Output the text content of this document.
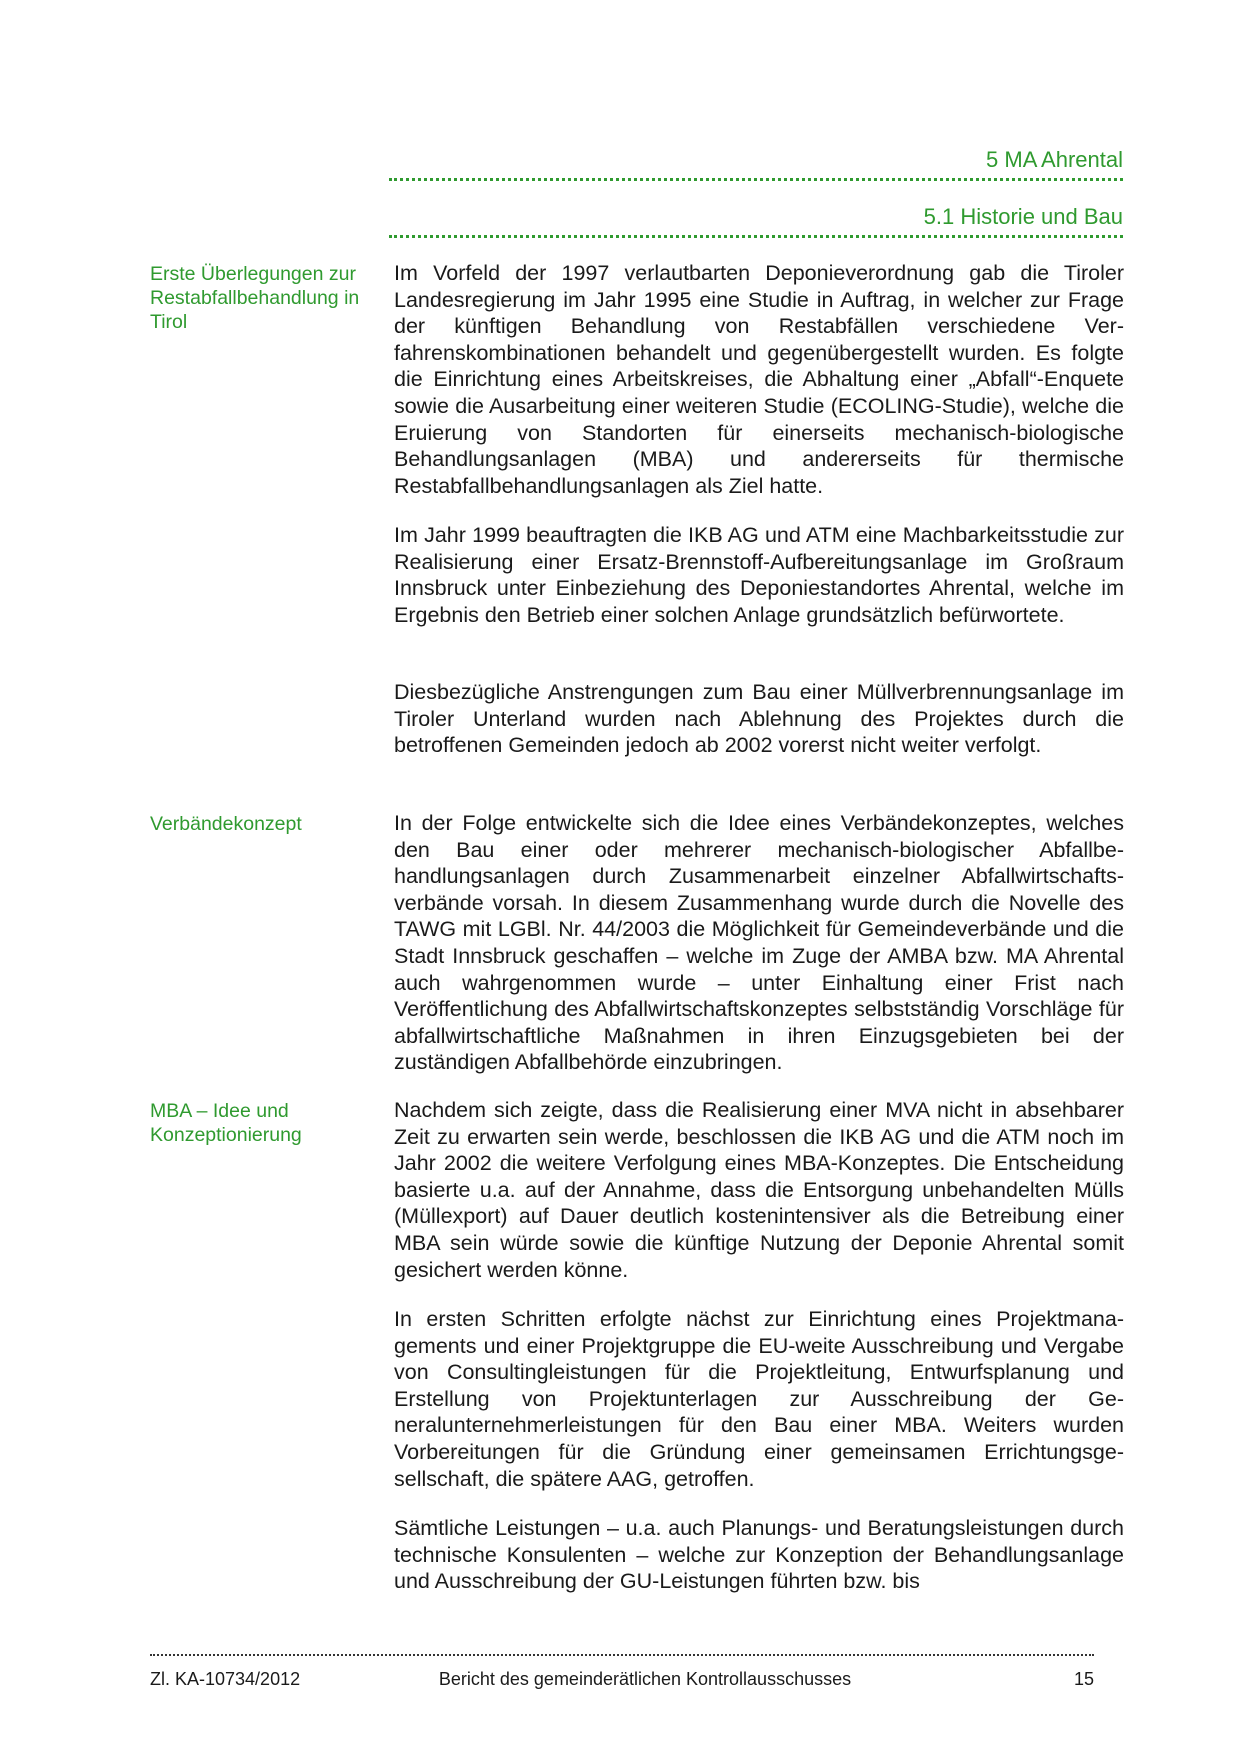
5 MA Ahrental
5.1 Historie und Bau
Erste Überlegungen zur Restabfallbehandlung in Tirol
Verbändekonzept
MBA – Idee und Konzeptionierung
Im Vorfeld der 1997 verlautbarten Deponieverordnung gab die Tiroler Landesregierung im Jahr 1995 eine Studie in Auftrag, in welcher zur Frage der künftigen Behandlung von Restabfällen verschiedene Verfahrenskombinationen behandelt und gegenübergestellt wurden. Es folgte die Einrichtung eines Arbeitskreises, die Abhaltung einer „Abfall“-Enquete sowie die Ausarbeitung einer weiteren Studie (ECOLING-Studie), welche die Eruierung von Standorten für einerseits mechanisch-biologische Behandlungsanlagen (MBA) und andererseits für thermische Restabfallbehandlungsanlagen als Ziel hatte.
Im Jahr 1999 beauftragten die IKB AG und ATM eine Machbarkeitsstudie zur Realisierung einer Ersatz-Brennstoff-Aufbereitungsanlage im Großraum Innsbruck unter Einbeziehung des Deponiestandortes Ahrental, welche im Ergebnis den Betrieb einer solchen Anlage grundsätzlich befürwortete.
Diesbezügliche Anstrengungen zum Bau einer Müllverbrennungsanlage im Tiroler Unterland wurden nach Ablehnung des Projektes durch die betroffenen Gemeinden jedoch ab 2002 vorerst nicht weiter verfolgt.
In der Folge entwickelte sich die Idee eines Verbändekonzeptes, welches den Bau einer oder mehrerer mechanisch-biologischer Abfallbehandlungsanlagen durch Zusammenarbeit einzelner Abfallwirtschaftsverbände vorsah. In diesem Zusammenhang wurde durch die Novelle des TAWG mit LGBl. Nr. 44/2003 die Möglichkeit für Gemeindeverbände und die Stadt Innsbruck geschaffen – welche im Zuge der AMBA bzw. MA Ahrental auch wahrgenommen wurde – unter Einhaltung einer Frist nach Veröffentlichung des Abfallwirtschaftskonzeptes selbstständig Vorschläge für abfallwirtschaftliche Maßnahmen in ihren Einzugsgebieten bei der zuständigen Abfallbehörde einzubringen.
Nachdem sich zeigte, dass die Realisierung einer MVA nicht in absehbarer Zeit zu erwarten sein werde, beschlossen die IKB AG und die ATM noch im Jahr 2002 die weitere Verfolgung eines MBA-Konzeptes. Die Entscheidung basierte u.a. auf der Annahme, dass die Entsorgung unbehandelten Mülls (Müllexport) auf Dauer deutlich kostenintensiver als die Betreibung einer MBA sein würde sowie die künftige Nutzung der Deponie Ahrental somit gesichert werden könne.
In ersten Schritten erfolgte nächst zur Einrichtung eines Projektmanagements und einer Projektgruppe die EU-weite Ausschreibung und Vergabe von Consultingleistungen für die Projektleitung, Entwurfsplanung und Erstellung von Projektunterlagen zur Ausschreibung der Generalunternehmerleistungen für den Bau einer MBA. Weiters wurden Vorbereitungen für die Gründung einer gemeinsamen Errichtungsgesellschaft, die spätere AAG, getroffen.
Sämtliche Leistungen – u.a. auch Planungs- und Beratungsleistungen durch technische Konsulenten – welche zur Konzeption der Behandlungsanlage und Ausschreibung der GU-Leistungen führten bzw. bis
Zl. KA-10734/2012	Bericht des gemeinderätlichen Kontrollausschusses	15
